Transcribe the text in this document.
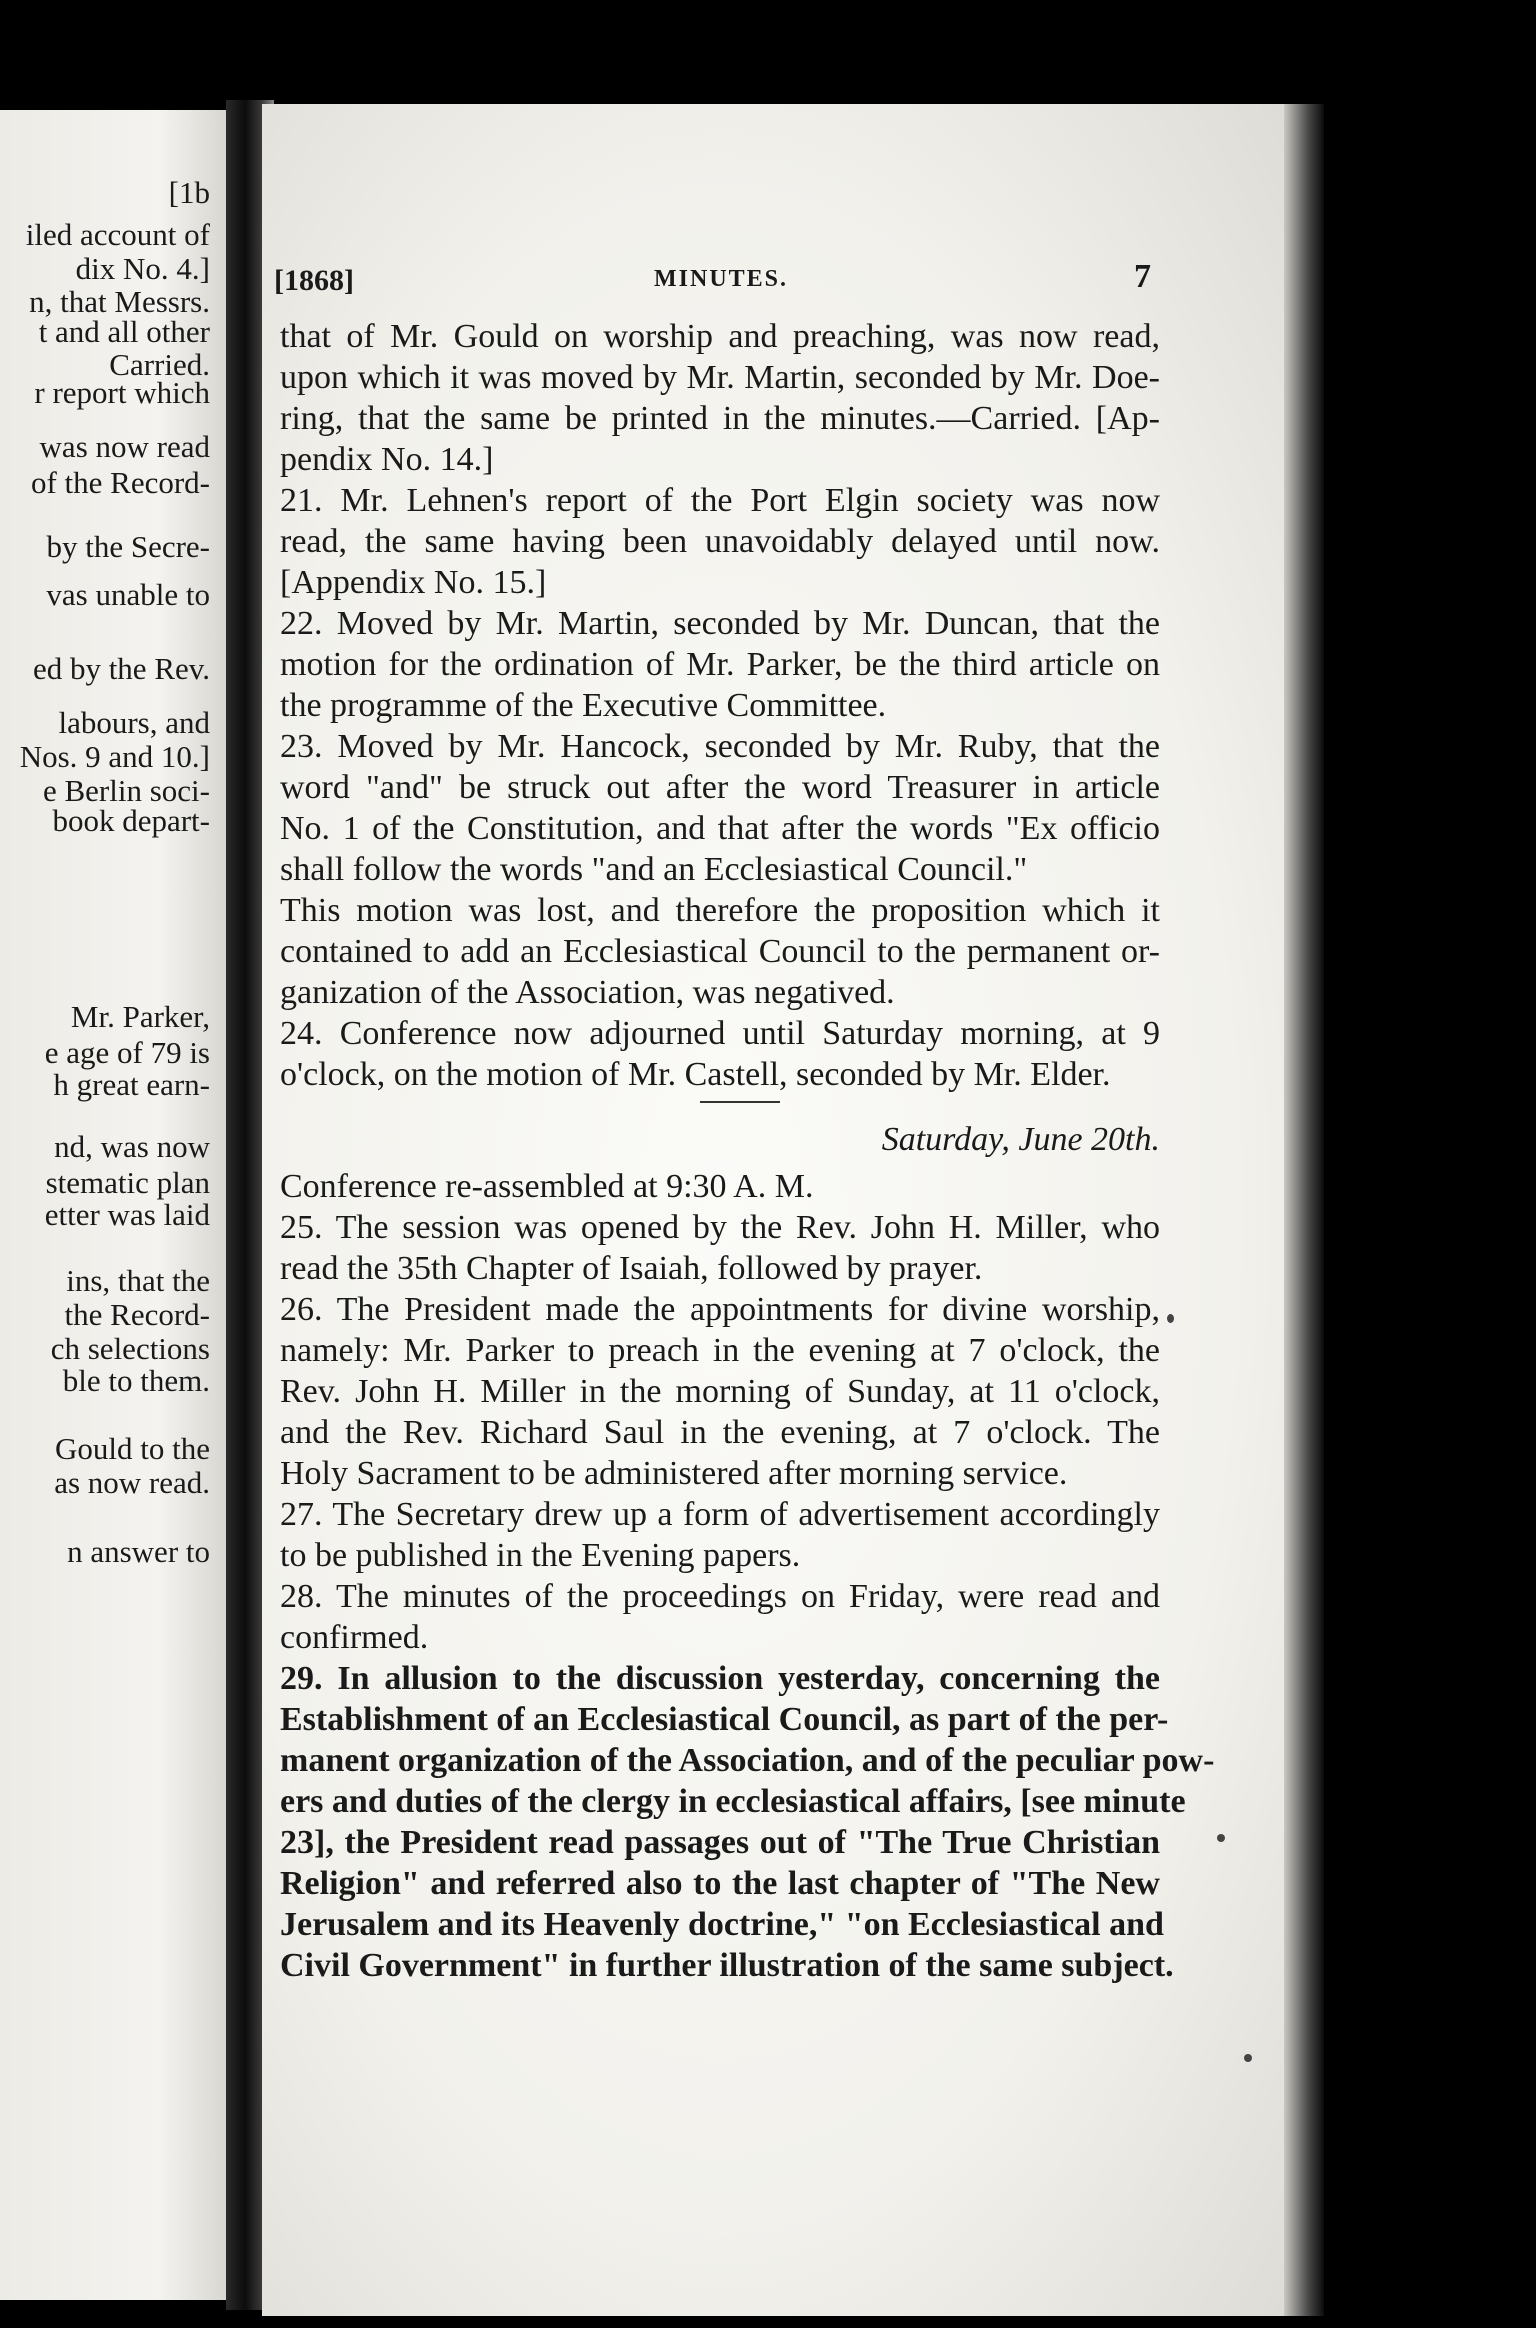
[1b
iled account of
dix No. 4.]
n, that Messrs.
t and all other
Carried.
r report which
was now read
of the Record-
by the Secre-
vas unable to
ed by the Rev.
labours, and
Nos. 9 and 10.]
e Berlin soci-
book depart-
Mr. Parker,
e age of 79 is
h great earn-
nd, was now
stematic plan
etter was laid
ins, that the
the Record-
ch selections
ble to them.
Gould to the
as now read.
n answer to
[1868]	MINUTES.	7
that of Mr. Gould on worship and preaching, was now read,
upon which it was moved by Mr. Martin, seconded by Mr. Doe-
ring, that the same be printed in the minutes.—Carried. [Ap-
pendix No. 14.]
21. Mr. Lehnen's report of the Port Elgin society was now
read, the same having been unavoidably delayed until now.
[Appendix No. 15.]
22. Moved by Mr. Martin, seconded by Mr. Duncan, that the
motion for the ordination of Mr. Parker, be the third article on
the programme of the Executive Committee.
23. Moved by Mr. Hancock, seconded by Mr. Ruby, that the
word "and" be struck out after the word Treasurer in article
No. 1 of the Constitution, and that after the words "Ex officio
shall follow the words "and an Ecclesiastical Council."
This motion was lost, and therefore the proposition which it
contained to add an Ecclesiastical Council to the permanent or-
ganization of the Association, was negatived.
24. Conference now adjourned until Saturday morning, at 9
o'clock, on the motion of Mr. Castell, seconded by Mr. Elder.
Saturday, June 20th.
Conference re-assembled at 9:30 A. M.
25. The session was opened by the Rev. John H. Miller, who
read the 35th Chapter of Isaiah, followed by prayer.
26. The President made the appointments for divine worship,
namely: Mr. Parker to preach in the evening at 7 o'clock, the
Rev. John H. Miller in the morning of Sunday, at 11 o'clock,
and the Rev. Richard Saul in the evening, at 7 o'clock. The
Holy Sacrament to be administered after morning service.
27. The Secretary drew up a form of advertisement accordingly
to be published in the Evening papers.
28. The minutes of the proceedings on Friday, were read and
confirmed.
29. In allusion to the discussion yesterday, concerning the
Establishment of an Ecclesiastical Council, as part of the per-
manent organization of the Association, and of the peculiar pow-
ers and duties of the clergy in ecclesiastical affairs, [see minute
23], the President read passages out of "The True Christian
Religion" and referred also to the last chapter of "The New
Jerusalem and its Heavenly doctrine," "on Ecclesiastical and
Civil Government" in further illustration of the same subject.
